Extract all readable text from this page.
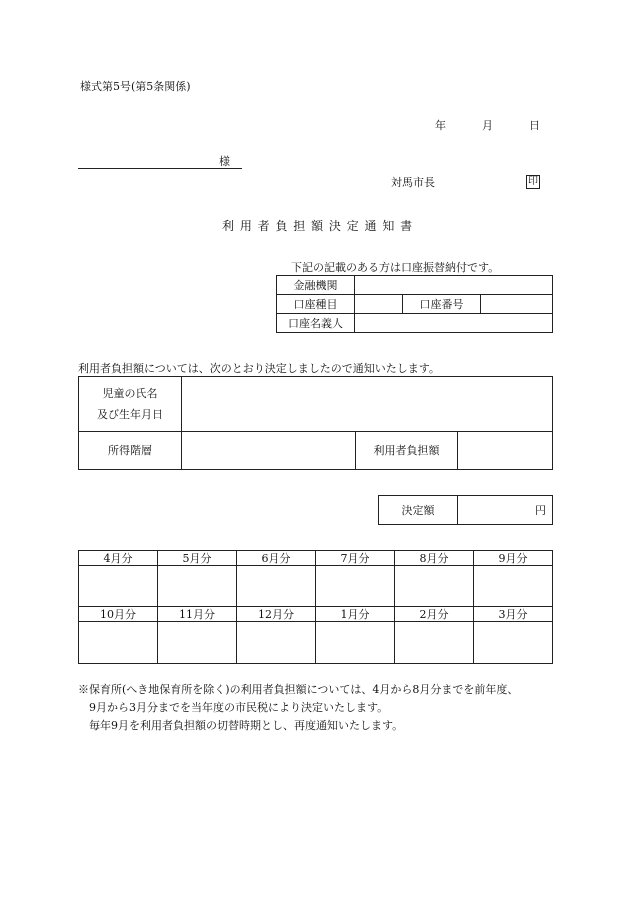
様式第5号(第5条関係)
年	月	日
様
対馬市長	印
利 用 者 負 担 額 決 定 通 知 書
下記の記載のある方は口座振替納付です。
金融機関			
口座種目		口座番号	
口座名義人			
利用者負担額については、次のとおり決定しましたので通知いたします。
児童の氏名
及び生年月日			
所得階層		利用者負担額	
決定額	円
4月分	5月分	6月分	7月分	8月分	9月分

10月分	11月分	12月分	1月分	2月分	3月分

※保育所(へき地保育所を除く)の利用者負担額については、4月から8月分までを前年度、
9月から3月分までを当年度の市民税により決定いたします。
毎年9月を利用者負担額の切替時期とし、再度通知いたします。
